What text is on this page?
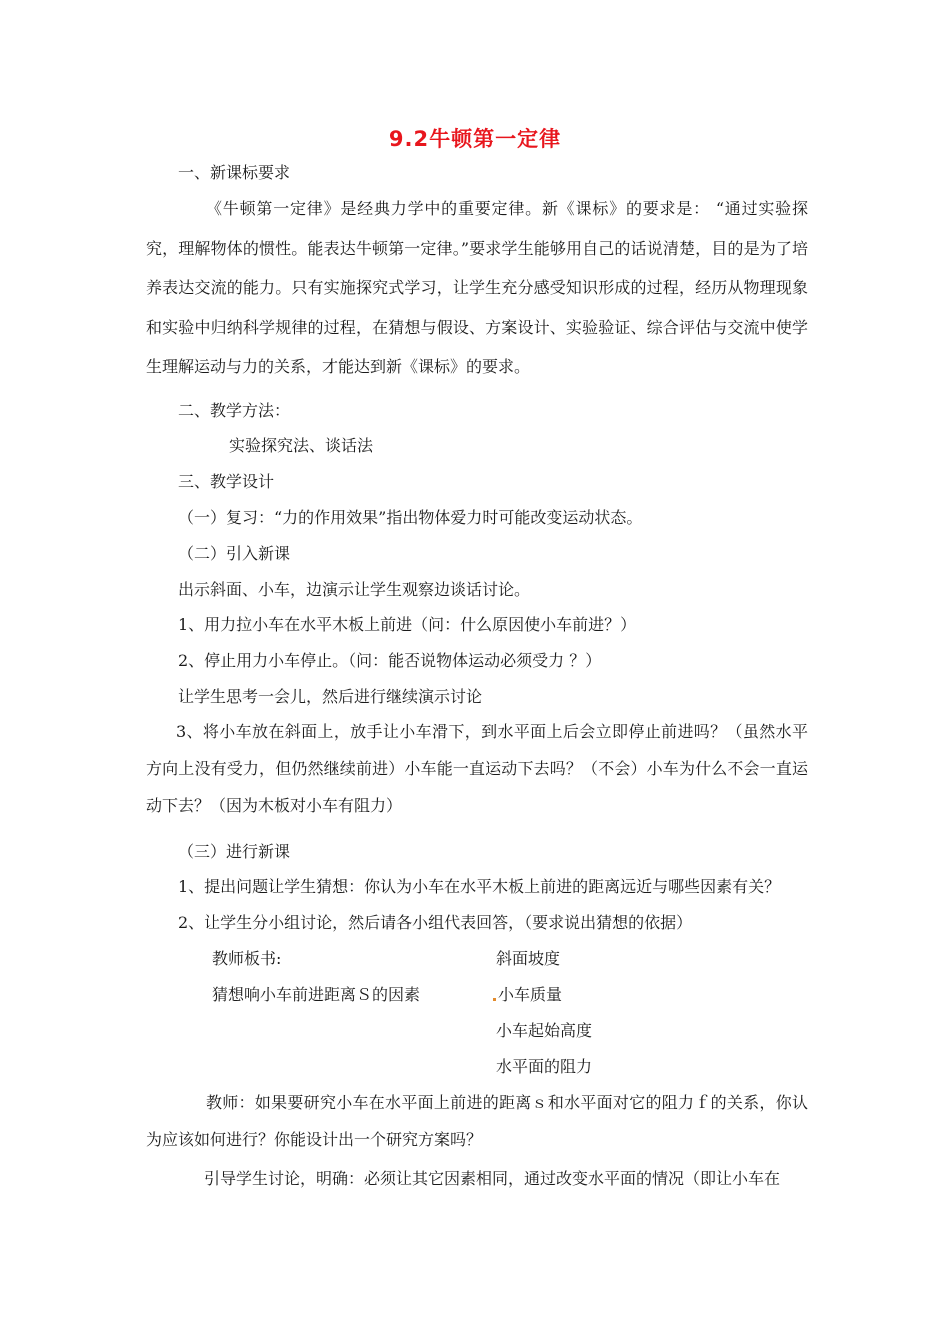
9.2牛顿第一定律
一、新课标要求
《牛顿第一定律》是经典力学中的重要定律。新《课标》的要求是： “通过实验探究，理解物体的惯性。能表达牛顿第一定律。”要求学生能够用自己的话说清楚，目的是为了培养表达交流的能力。只有实施探究式学习，让学生充分感受知识形成的过程，经历从物理现象和实验中归纳科学规律的过程，在猜想与假设、方案设计、实验验证、综合评估与交流中使学生理解运动与力的关系，才能达到新《课标》的要求。
二、教学方法：
实验探究法、谈话法
三、教学设计
（一）复习：“力的作用效果”指出物体爱力时可能改变运动状态。
（二）引入新课
出示斜面、小车，边演示让学生观察边谈话讨论。
1、用力拉小车在水平木板上前进（问：什么原因使小车前进？）
2、停止用力小车停止。（问：能否说物体运动必须受力 ？）
让学生思考一会儿，然后进行继续演示讨论
3、将小车放在斜面上，放手让小车滑下，到水平面上后会立即停止前进吗？（虽然水平方向上没有受力，但仍然继续前进）小车能一直运动下去吗？（不会）小车为什么不会一直运动下去？（因为木板对小车有阻力）
（三）进行新课
1、提出问题让学生猜想：你认为小车在水平木板上前进的距离远近与哪些因素有关？
2、让学生分小组讨论，然后请各小组代表回答，（要求说出猜想的依据）
教师板书:
猜想响小车前进距离Ｓ的因素
斜面坡度
小车质量
小车起始高度
水平面的阻力
教师：如果要研究小车在水平面上前进的距离ｓ和水平面对它的阻力ｆ的关系，你认为应该如何进行？你能设计出一个研究方案吗？
引导学生讨论，明确：必须让其它因素相同，通过改变水平面的情况（即让小车在
